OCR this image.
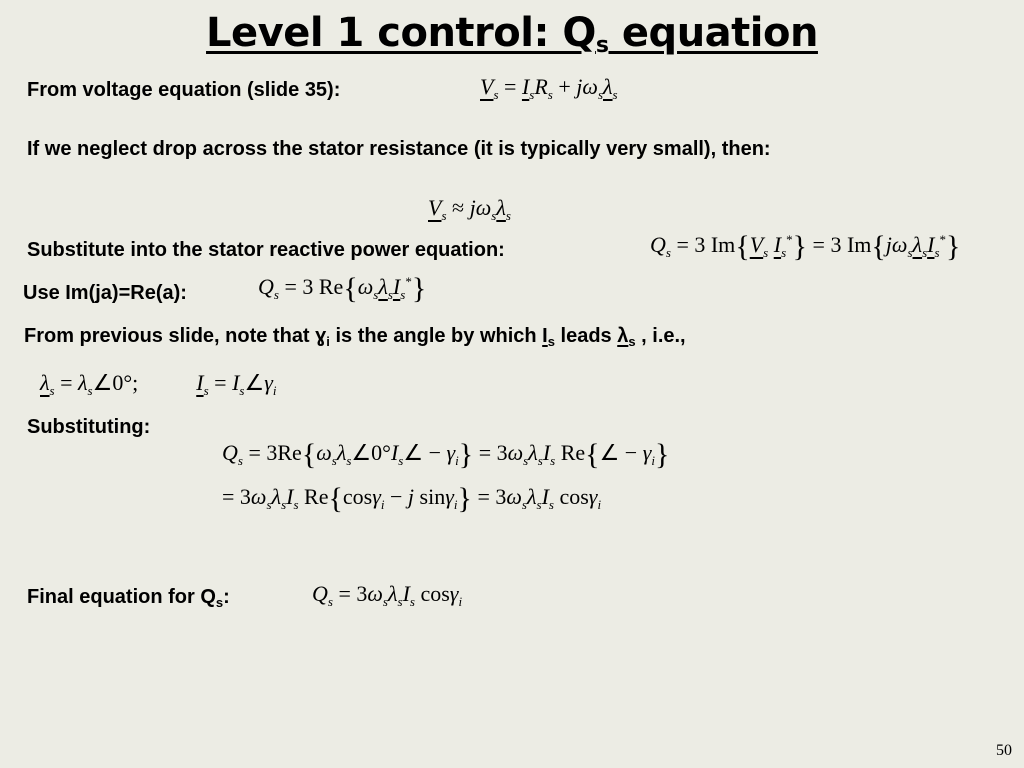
Level 1 control: $Q_s$ equation
From voltage equation (slide 35):	$V_s = I_sR_s + j\omega_s\lambda_s$
If we neglect drop across the stator resistance (it is typically very small), then:
$V_s \approx j\omega_s\lambda_s$
Substitute into the stator reactive power equation:	$Q_s = 3$ $Im\{V_s$ $I_s^*\} = 3$ $Im\{j\omega_s\lambda_sI_s^*\}$
Use Im(ja)=Re(a):	$Q_s = 3$ $Re\{\omega_s\lambda_sI_s^*\}$
From previous slide, note that ɣ$_i$ is the angle by which $I_s$ leads $\lambda_s$ , i.e.,
$\lambda_s$ = $\lambda_s\angle 0^\circ$;	$I_s$ = $I_s\angle\gamma_i$
Substituting:
$Q_s$ = $3Re\{\omega_s\lambda_s\angle 0^\circ I_s\angle - \gamma_i\} = 3\omega_s\lambda_sI_s$ Re{∠ − $\gamma_i$}
= $3\omega_s\lambda_sI_s$ Re{cosγ$_i$ − j $\sin\gamma_i\} = 3\omega_s\lambda_sI_s$ cosγ$_i$
Final equation for $Q_s$:	$Q_s = 3\omega_s\lambda_sI_s$ cosγ$_i$
50
